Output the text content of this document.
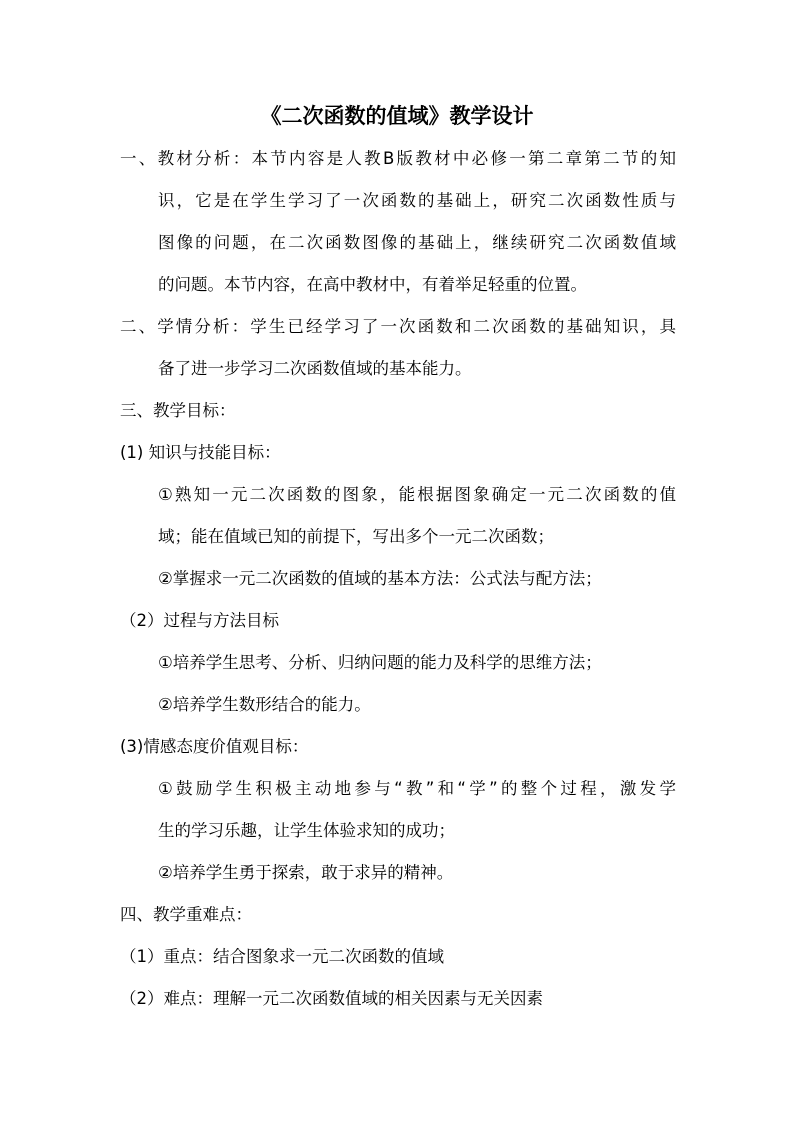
《二次函数的值域》教学设计
一、教材分析：本节内容是人教B版教材中必修一第二章第二节的知
识，它是在学生学习了一次函数的基础上，研究二次函数性质与
图像的问题，在二次函数图像的基础上，继续研究二次函数值域
的问题。本节内容，在高中教材中，有着举足轻重的位置。
二、学情分析：学生已经学习了一次函数和二次函数的基础知识，具
备了进一步学习二次函数值域的基本能力。
三、教学目标：
(1) 知识与技能目标：
①熟知一元二次函数的图象，能根据图象确定一元二次函数的值
域；能在值域已知的前提下，写出多个一元二次函数；
②掌握求一元二次函数的值域的基本方法：公式法与配方法；
（2）过程与方法目标
①培养学生思考、分析、归纳问题的能力及科学的思维方法；
②培养学生数形结合的能力。
(3)情感态度价值观目标：
①鼓励学生积极主动地参与“教”和“学”的整个过程，激发学
生的学习乐趣，让学生体验求知的成功；
②培养学生勇于探索，敢于求异的精神。
四、教学重难点：
（1）重点：结合图象求一元二次函数的值域
（2）难点：理解一元二次函数值域的相关因素与无关因素
